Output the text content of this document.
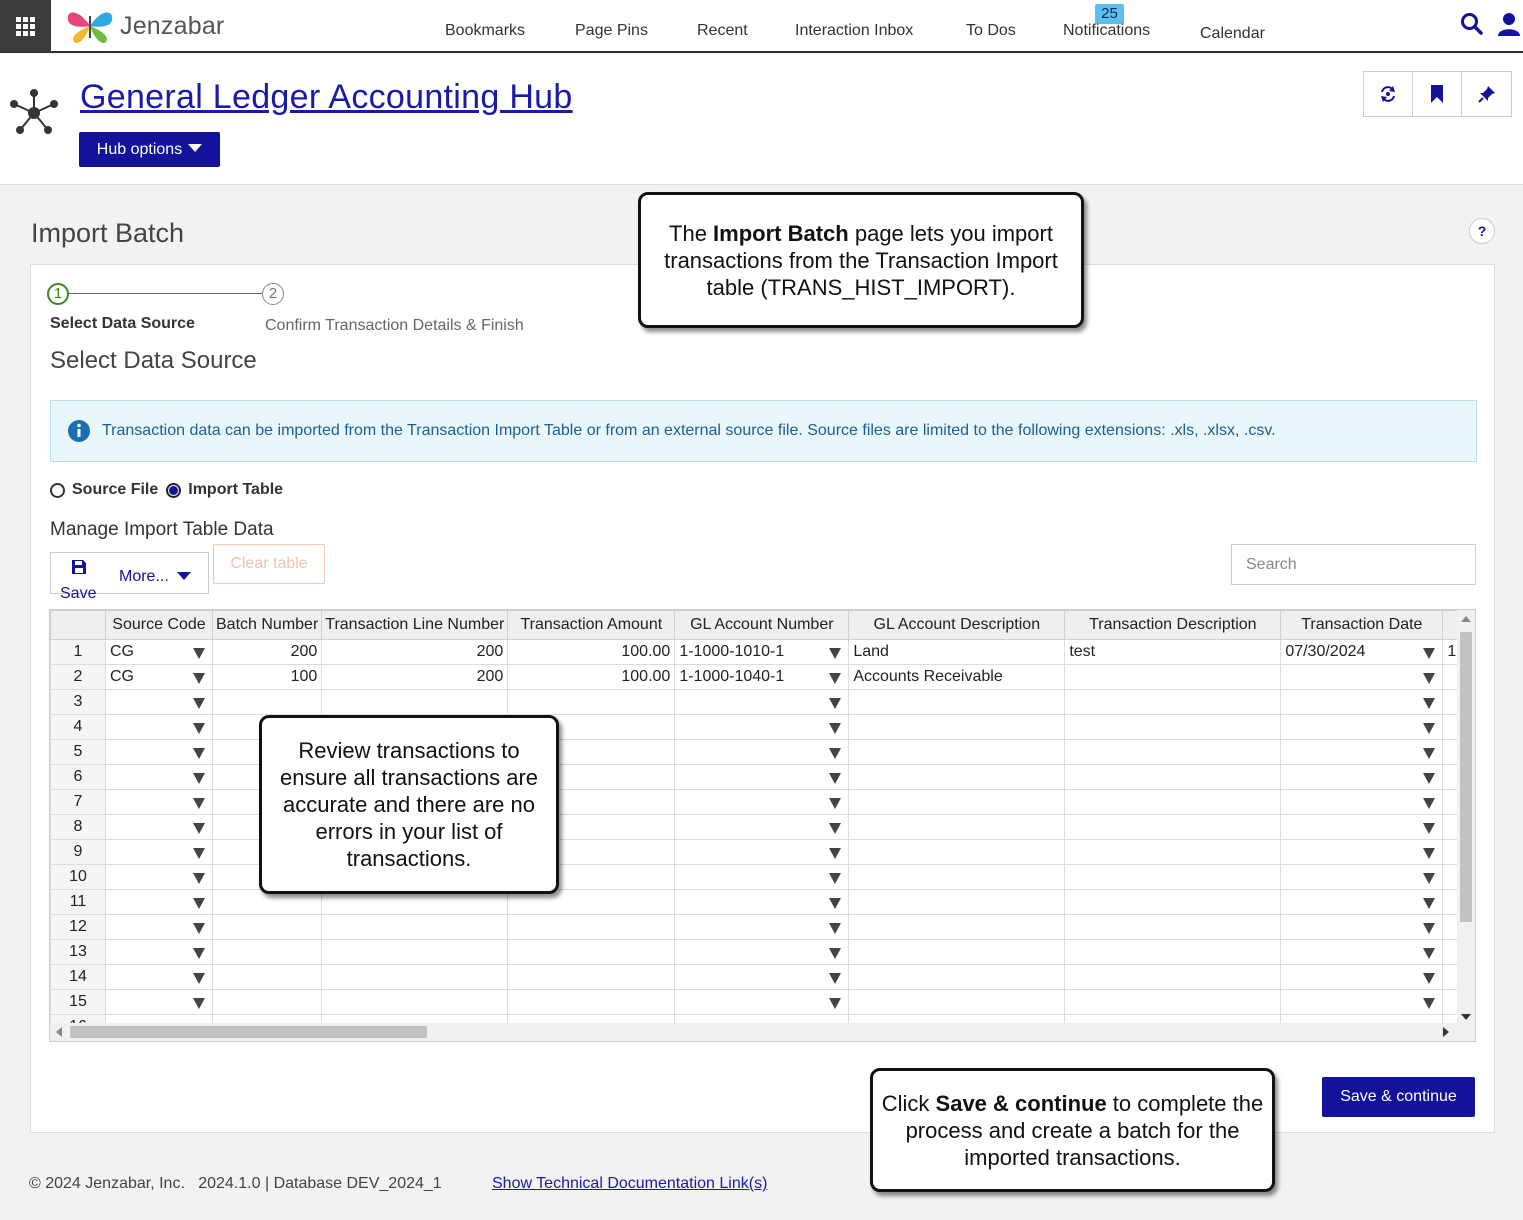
Jenzabar	Bookmarks	Page Pins	Recent	Interaction Inbox	To Dos
25
Notifications	Calendar
General Ledger Accounting Hub
Hub options
Import Batch	?
1	2
Select Data Source	Confirm Transaction Details & Finish
Select Data Source
Transaction data can be imported from the Transaction Import Table or from an external source file. Source files are limited to the following extensions: .xls, .xlsx, .csv.
Source File Import Table
Manage Import Table Data
Save
More...
Clear table
Search
	Source Code	Batch Number	Transaction Line Number	Transaction Amount	GL Account Number	GL Account Description	Transaction Description	Transaction Date	
1	CG	200	200	100.00	1-1000-1010-1	Land	test	07/30/2024	1
2	CG	100	200	100.00	1-1000-1040-1	Accounts Receivable		

3	

4	

5	

6	

7	

8	

9	

10	

11	

12	

13	

14	

15	

Save & continue
© 2024 Jenzabar, Inc. 2024.1.0 | Database DEV_2024_1	Show Technical Documentation Link(s)
The Import Batch page lets you import transactions from the Transaction Import table (TRANS_HIST_IMPORT).
Review transactions to ensure all transactions are accurate and there are no errors in your list of transactions.
Click Save & continue to complete the process and create a batch for the imported transactions.
